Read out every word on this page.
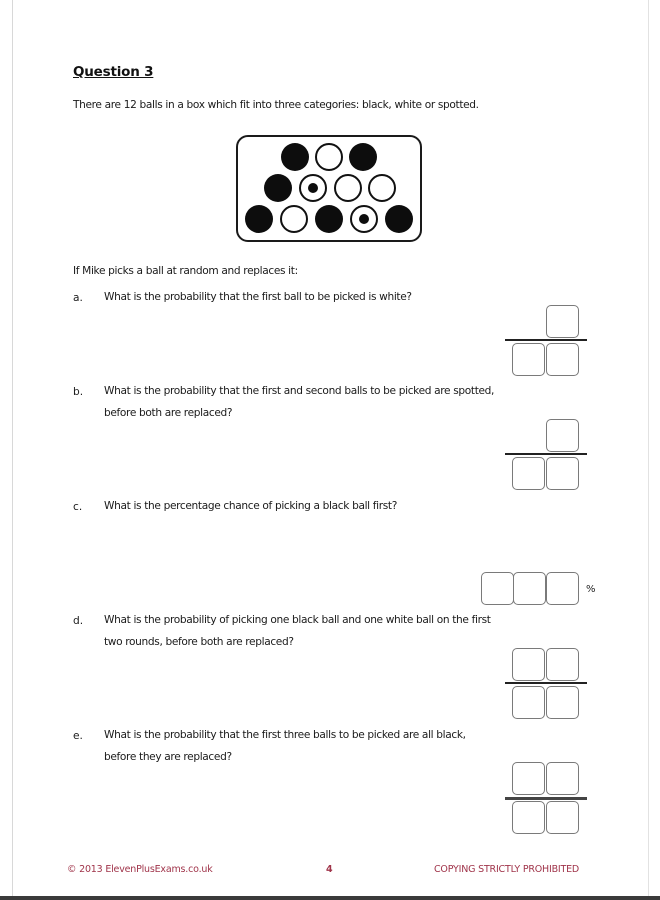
Question 3
There are 12 balls in a box which fit into three categories: black, white or spotted.
If Mike picks a ball at random and replaces it:
a. What is the probability that the first ball to be picked is white?
b. What is the probability that the first and second balls to be picked are spotted,
before both are replaced?
c. What is the percentage chance of picking a black ball first?
%
d. What is the probability of picking one black ball and one white ball on the first
two rounds, before both are replaced?
e. What is the probability that the first three balls to be picked are all black,
before they are replaced?
© 2013 ElevenPlusExams.co.uk	4	COPYING STRICTLY PROHIBITED
